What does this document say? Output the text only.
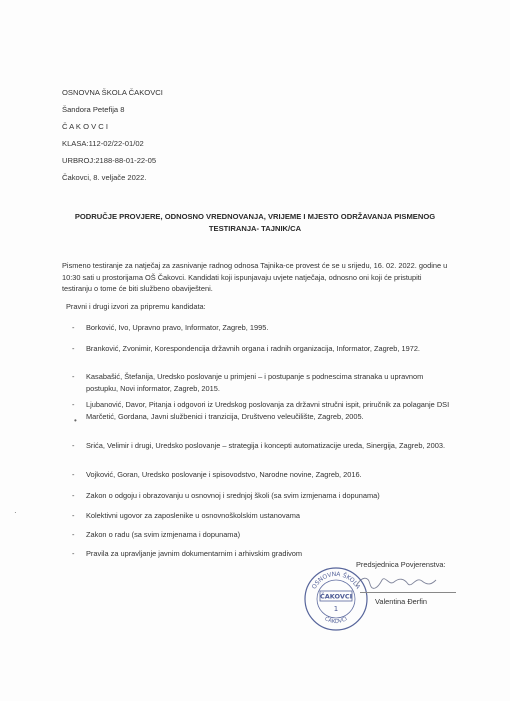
OSNOVNA ŠKOLA ČAKOVCI
Šandora Petefija 8
Č A K O V C I
KLASA:112-02/22-01/02
URBROJ:2188-88-01-22-05
Čakovci, 8. veljače 2022.
PODRUČJE PROVJERE, ODNOSNO VREDNOVANJA, VRIJEME I MJESTO ODRŽAVANJA PISMENOG TESTIRANJA- TAJNIK/CA
Pismeno testiranje za natječaj za zasnivanje radnog odnosa Tajnika-ce provest će se u srijedu, 16. 02. 2022. godine u 10:30 sati u prostorijama OŠ Čakovci. Kandidati koji ispunjavaju uvjete natječaja, odnosno oni koji će pristupiti testiranju o tome će biti službeno obaviješteni.
Pravni i drugi izvori za pripremu kandidata:
-	Borković, Ivo, Upravno pravo, Informator, Zagreb, 1995.
-	Branković, Zvonimir, Korespondencija državnih organa i radnih organizacija, Informator, Zagreb, 1972.
-	Kasabašić, Štefanija, Uredsko poslovanje u primjeni – i postupanje s podnescima stranaka u upravnom postupku, Novi informator, Zagreb, 2015.
-	Ljubanović, Davor, Pitanja i odgovori iz Uredskog poslovanja za državni stručni ispit, priručnik za polaganje DSI Marčetić, Gordana, Javni službenici i tranzicija, Društveno veleučilište, Zagreb, 2005.
-	Srića, Velimir i drugi, Uredsko poslovanje – strategija i koncepti automatizacije ureda, Sinergija, Zagreb, 2003.
-	Vojković, Goran, Uredsko poslovanje i spisovodstvo, Narodne novine, Zagreb, 2016.
-	Zakon o odgoju i obrazovanju u osnovnoj i srednjoj školi (sa svim izmjenama i dopunama)
-	Kolektivni ugovor za zaposlenike u osnovnoškolskim ustanovama
-	Zakon o radu (sa svim izmjenama i dopunama)
-	Pravila za upravljanje javnim dokumentarnim i arhivskim gradivom
Predsjednica Povjerenstva:
OSNOVNA ŠKOLA
ČAKOVCI
ČAKOVCI
1
Valentina Đerfin
•
·
